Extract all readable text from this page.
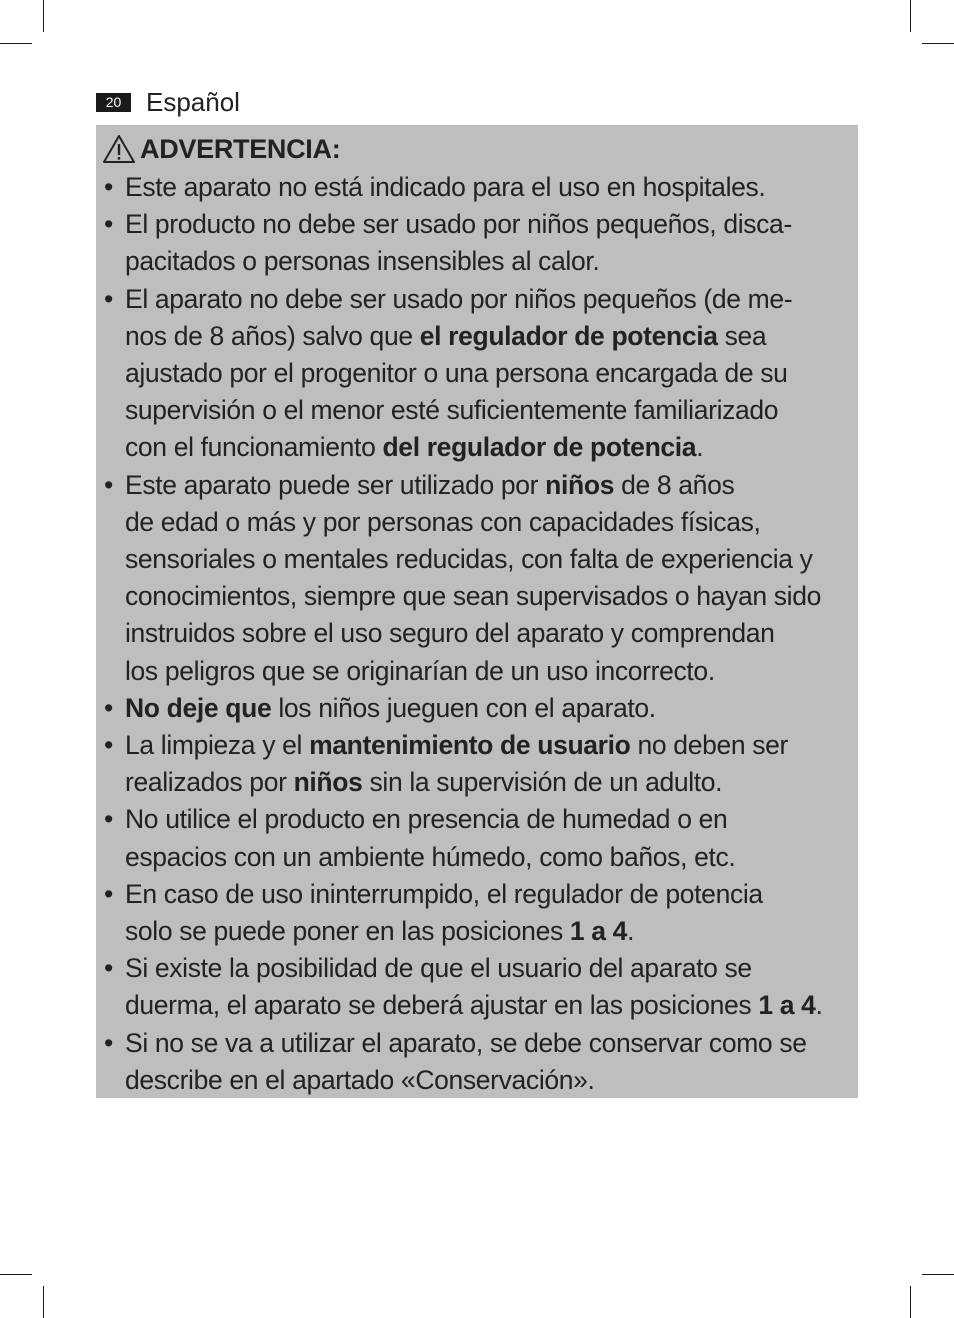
20 Español
ADVERTENCIA:
• Este aparato no está indicado para el uso en hospitales.
• El producto no debe ser usado por niños pequeños, disca-
pacitados o personas insensibles al calor.
• El aparato no debe ser usado por niños pequeños (de me-
nos de 8 años) salvo que el regulador de potencia sea
ajustado por el progenitor o una persona encargada de su
supervisión o el menor esté suficientemente familiarizado
con el funcionamiento del regulador de potencia.
• Este aparato puede ser utilizado por niños de 8 años
de edad o más y por personas con capacidades físicas,
sensoriales o mentales reducidas, con falta de experiencia y
conocimientos, siempre que sean supervisados o hayan sido
instruidos sobre el uso seguro del aparato y comprendan
los peligros que se originarían de un uso incorrecto.
• No deje que los niños jueguen con el aparato.
• La limpieza y el mantenimiento de usuario no deben ser
realizados por niños sin la supervisión de un adulto.
• No utilice el producto en presencia de humedad o en
espacios con un ambiente húmedo, como baños, etc.
• En caso de uso ininterrumpido, el regulador de potencia
solo se puede poner en las posiciones 1 a 4.
• Si existe la posibilidad de que el usuario del aparato se
duerma, el aparato se deberá ajustar en las posiciones 1 a 4.
• Si no se va a utilizar el aparato, se debe conservar como se
describe en el apartado «Conservación».
